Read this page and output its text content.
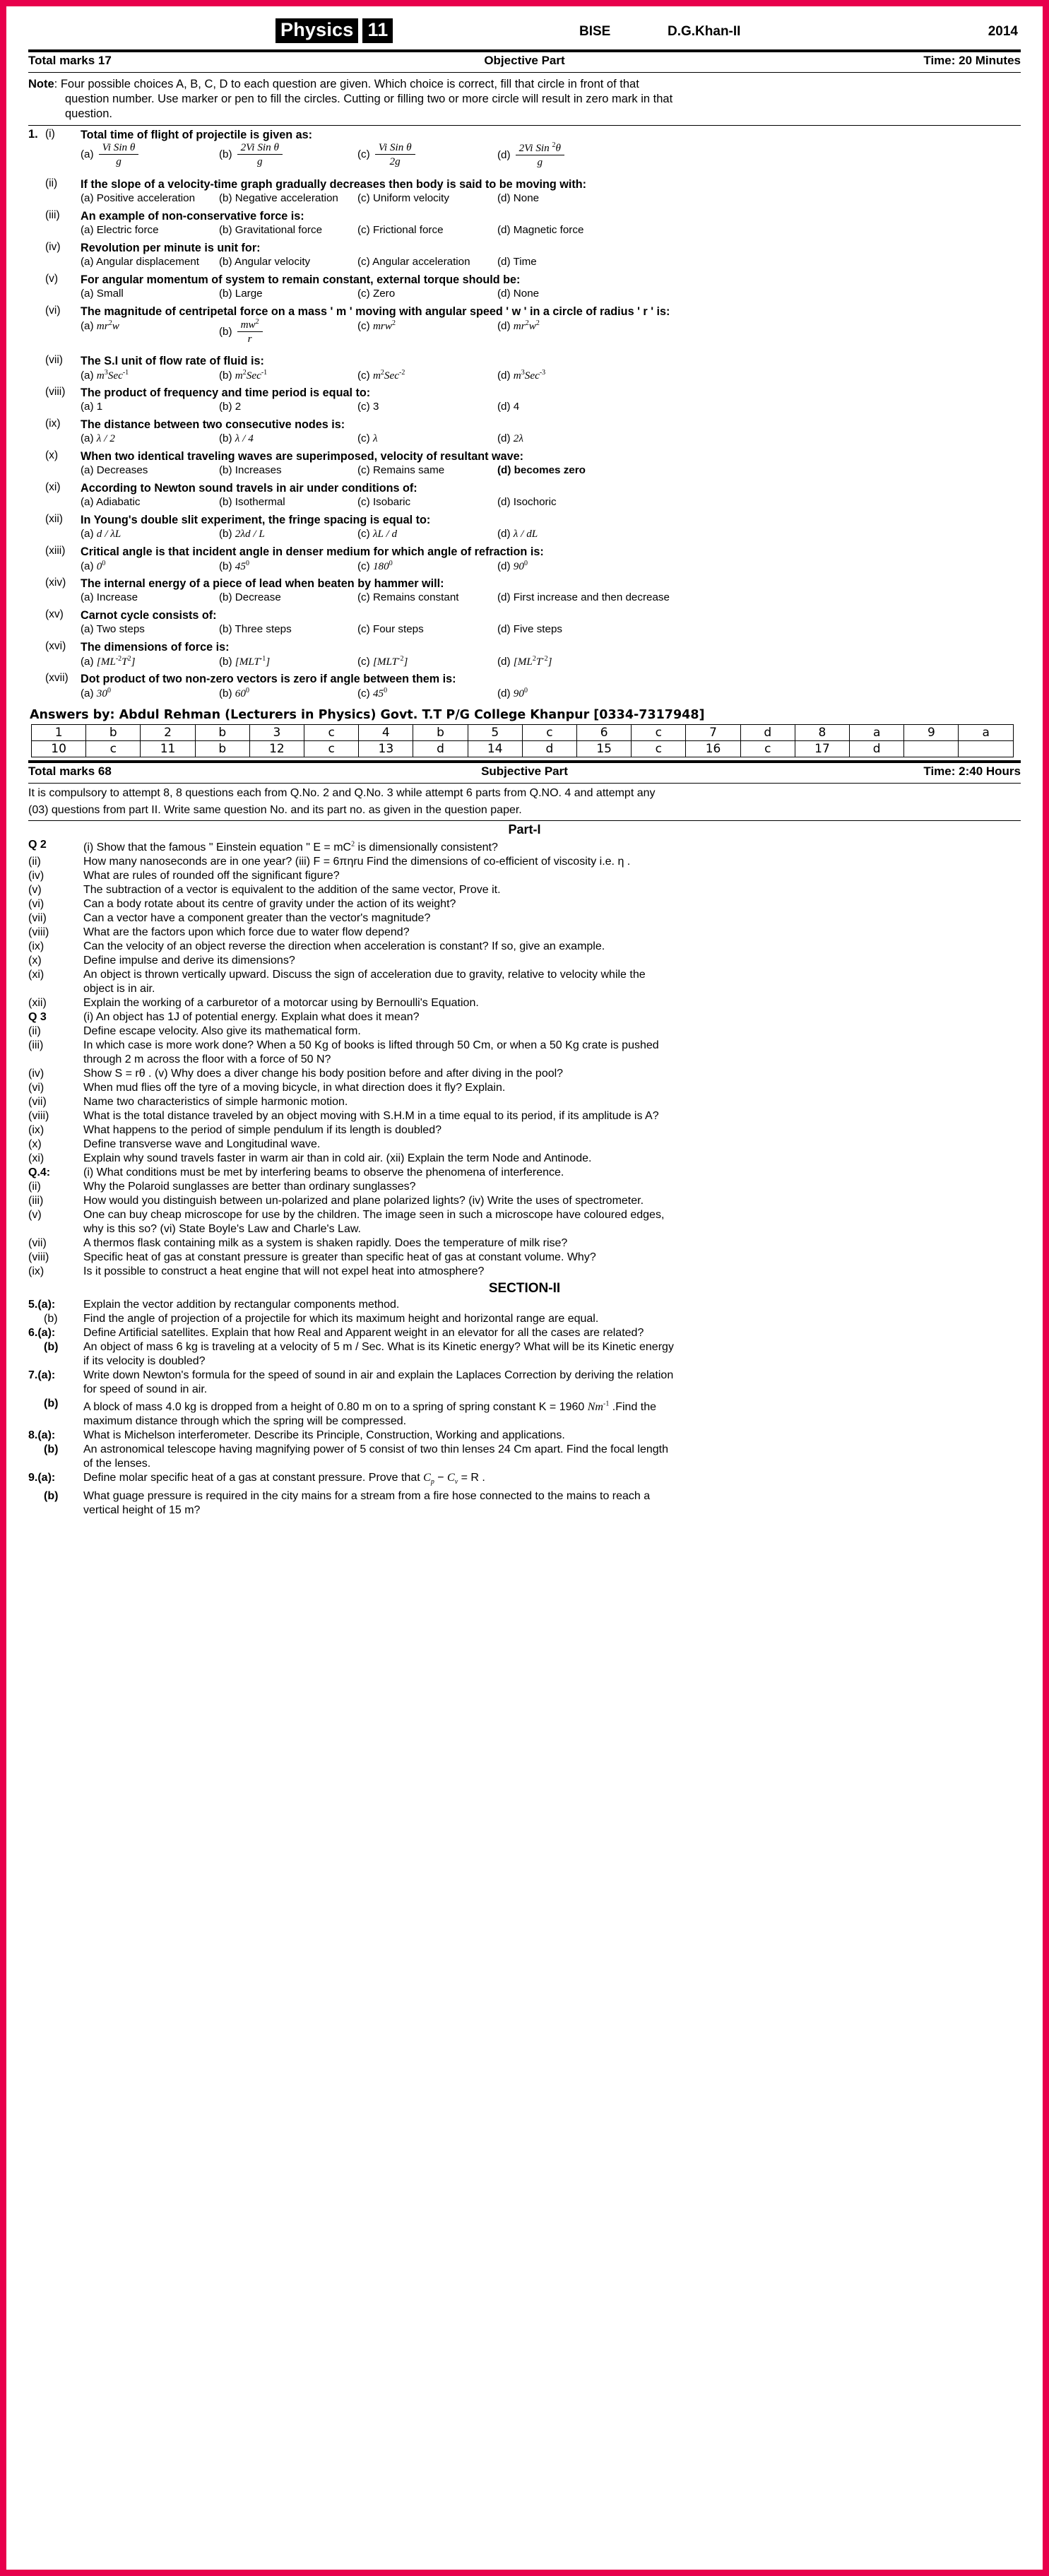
Physics 11	BISE	D.G.Khan-II	2014
Total marks 17	Objective Part	Time: 20 Minutes
Note: Four possible choices A, B, C, D to each question are given. Which choice is correct, fill that circle in front of that
question number. Use marker or pen to fill the circles. Cutting or filling two or more circle will result in zero mark in that
question.
1. (i)	Total time of flight of projectile is given as:
$(a) \frac{\text{Vi Sin θ}}{g}$	$(b) \frac{\text{2Vi Sin θ}}{g}$	$(c) \frac{\text{Vi Sin θ}}{2g}$	$(d) \frac{2Vi Sin ^2\theta}{g}$
(ii)	If the slope of a velocity-time graph gradually decreases then body is said to be moving with:
(a) Positive acceleration (b) Negative acceleration (c) Uniform velocity	(d) None
(iii)	An example of non-conservative force is:
(a) Electric force	(b) Gravitational force	(c) Frictional force	(d) Magnetic force
(iv)	Revolution per minute is unit for:
(a) Angular displacement (b) Angular velocity	(c) Angular acceleration	(d) Time
(v)	For angular momentum of system to remain constant, external torque should be:
(a) Small	(b) Large	(c) Zero	(d) None
(vi)	The magnitude of centripetal force on a mass ' m ' moving with angular speed ' w ' in a circle of radius ' r ' is:
(a) $mr^2w$	$(b) \frac{mw^2}{r}$	(c) mrw$^2$	(d) $mr^2w^2$
(vii)	The S.I unit of flow rate of fluid is:
(a) $m^3Sec^{-1}$	(b) $m^2Sec^{-1}$	(c) $m^2Sec^{-2}$	(d) $m^3Sec^{-3}$
(viii)	The product of frequency and time period is equal to:
(a) 1	(b) 2	(c) 3	(d) 4
(ix)	The distance between two consecutive nodes is:
(a) λ / 2	(b) λ / 4	(c) λ	(d) 2λ
(x)	When two identical traveling waves are superimposed, velocity of resultant wave:
(a) Decreases	(b) Increases	(c) Remains same	(d) becomes zero
(xi)	According to Newton sound travels in air under conditions of:
(a) Adiabatic	(b) Isothermal	(c) Isobaric	(d) Isochoric
(xii)	In Young's double slit experiment, the fringe spacing is equal to:
(a) d / λL	(b) 2λd / L	(c) λL / d	(d) λ / dL
(xiii)	Critical angle is that incident angle in denser medium for which angle of refraction is:
(a) $0^0$	(b) $45^0$	(c) $180^0$	(d) $90^0$
(xiv)	The internal energy of a piece of lead when beaten by hammer will:
(a) Increase	(b) Decrease	(c) Remains constant	(d) First increase and then decrease
(xv)	Carnot cycle consists of:
(a) Two steps	(b) Three steps	(c) Four steps	(d) Five steps
(xvi)	The dimensions of force is:
(a) $[ML^{-2}T^2]$	(b) $[MLT^{-1}]$	(c) $[MLT^{-2}]$	(d) $[ML^2T^{-2}]$
(xvii)	Dot product of two non-zero vectors is zero if angle between them is:
(a) $30^0$	(b) $60^0$	(c) $45^0$	(d) $90^0$
Answers by: Abdul Rehman (Lecturers in Physics) Govt. T.T P/G College Khanpur [0334-7317948]
1	b	2	b	3	c	4	b	5	c	6	c	7	d	8	a	9	a
10	c	11	b	12	c	13	d	14	d	15	c	16	c	17	d		
Total marks 68	Subjective Part	Time: 2:40 Hours
It is compulsory to attempt 8, 8 questions each from Q.No. 2 and Q.No. 3 while attempt 6 parts from Q.NO. 4 and attempt any
(03) questions from part II. Write same question No. and its part no. as given in the question paper.
Part-I
Q 2	(i) Show that the famous " Einstein equation " $E = mC^2$ is dimensionally consistent?
(ii)	How many nanoseconds are in one year? (iii) F = 6πηru Find the dimensions of co-efficient of viscosity i.e. η .
(iv)	What are rules of rounded off the significant figure?
(v)	The subtraction of a vector is equivalent to the addition of the same vector, Prove it.
(vi)	Can a body rotate about its centre of gravity under the action of its weight?
(vii)	Can a vector have a component greater than the vector's magnitude?
(viii)	What are the factors upon which force due to water flow depend?
(ix)	Can the velocity of an object reverse the direction when acceleration is constant? If so, give an example.
(x)	Define impulse and derive its dimensions?
(xi)	An object is thrown vertically upward. Discuss the sign of acceleration due to gravity, relative to velocity while the
object is in air.
(xii)	Explain the working of a carburetor of a motorcar using by Bernoulli's Equation.
Q 3	(i) An object has 1J of potential energy. Explain what does it mean?
(ii)	Define escape velocity. Also give its mathematical form.
(iii)	In which case is more work done? When a 50 Kg of books is lifted through 50 Cm, or when a 50 Kg crate is pushed
through 2 m across the floor with a force of 50 N?
(iv)	Show S = rθ . (v) Why does a diver change his body position before and after diving in the pool?
(vi)	When mud flies off the tyre of a moving bicycle, in what direction does it fly? Explain.
(vii)	Name two characteristics of simple harmonic motion.
(viii)	What is the total distance traveled by an object moving with S.H.M in a time equal to its period, if its amplitude is A?
(ix)	What happens to the period of simple pendulum if its length is doubled?
(x)	Define transverse wave and Longitudinal wave.
(xi)	Explain why sound travels faster in warm air than in cold air. (xii) Explain the term Node and Antinode.
Q.4:	(i) What conditions must be met by interfering beams to observe the phenomena of interference.
(ii)	Why the Polaroid sunglasses are better than ordinary sunglasses?
(iii)	How would you distinguish between un-polarized and plane polarized lights? (iv) Write the uses of spectrometer.
(v)	One can buy cheap microscope for use by the children. The image seen in such a microscope have coloured edges,
why is this so? (vi) State Boyle's Law and Charle's Law.
(vii)	A thermos flask containing milk as a system is shaken rapidly. Does the temperature of milk rise?
(viii)	Specific heat of gas at constant pressure is greater than specific heat of gas at constant volume. Why?
(ix)	Is it possible to construct a heat engine that will not expel heat into atmosphere?
SECTION-II
5.(a):	Explain the vector addition by rectangular components method.
(b)	Find the angle of projection of a projectile for which its maximum height and horizontal range are equal.
6.(a):	Define Artificial satellites. Explain that how Real and Apparent weight in an elevator for all the cases are related?
(b)	An object of mass 6 kg is traveling at a velocity of 5 m / Sec. What is its Kinetic energy? What will be its Kinetic energy
if its velocity is doubled?
7.(a):	Write down Newton's formula for the speed of sound in air and explain the Laplaces Correction by deriving the relation
for speed of sound in air.
(b)	A block of mass 4.0 kg is dropped from a height of 0.80 m on to a spring of spring constant K = 1960 $Nm^{-1}$ .Find the
maximum distance through which the spring will be compressed.
8.(a):	What is Michelson interferometer. Describe its Principle, Construction, Working and applications.
(b)	An astronomical telescope having magnifying power of 5 consist of two thin lenses 24 Cm apart. Find the focal length
of the lenses.
9.(a):	Define molar specific heat of a gas at constant pressure. Prove that $C_p - C_v = R$ .
(b)	What guage pressure is required in the city mains for a stream from a fire hose connected to the mains to reach a
vertical height of 15 m?
